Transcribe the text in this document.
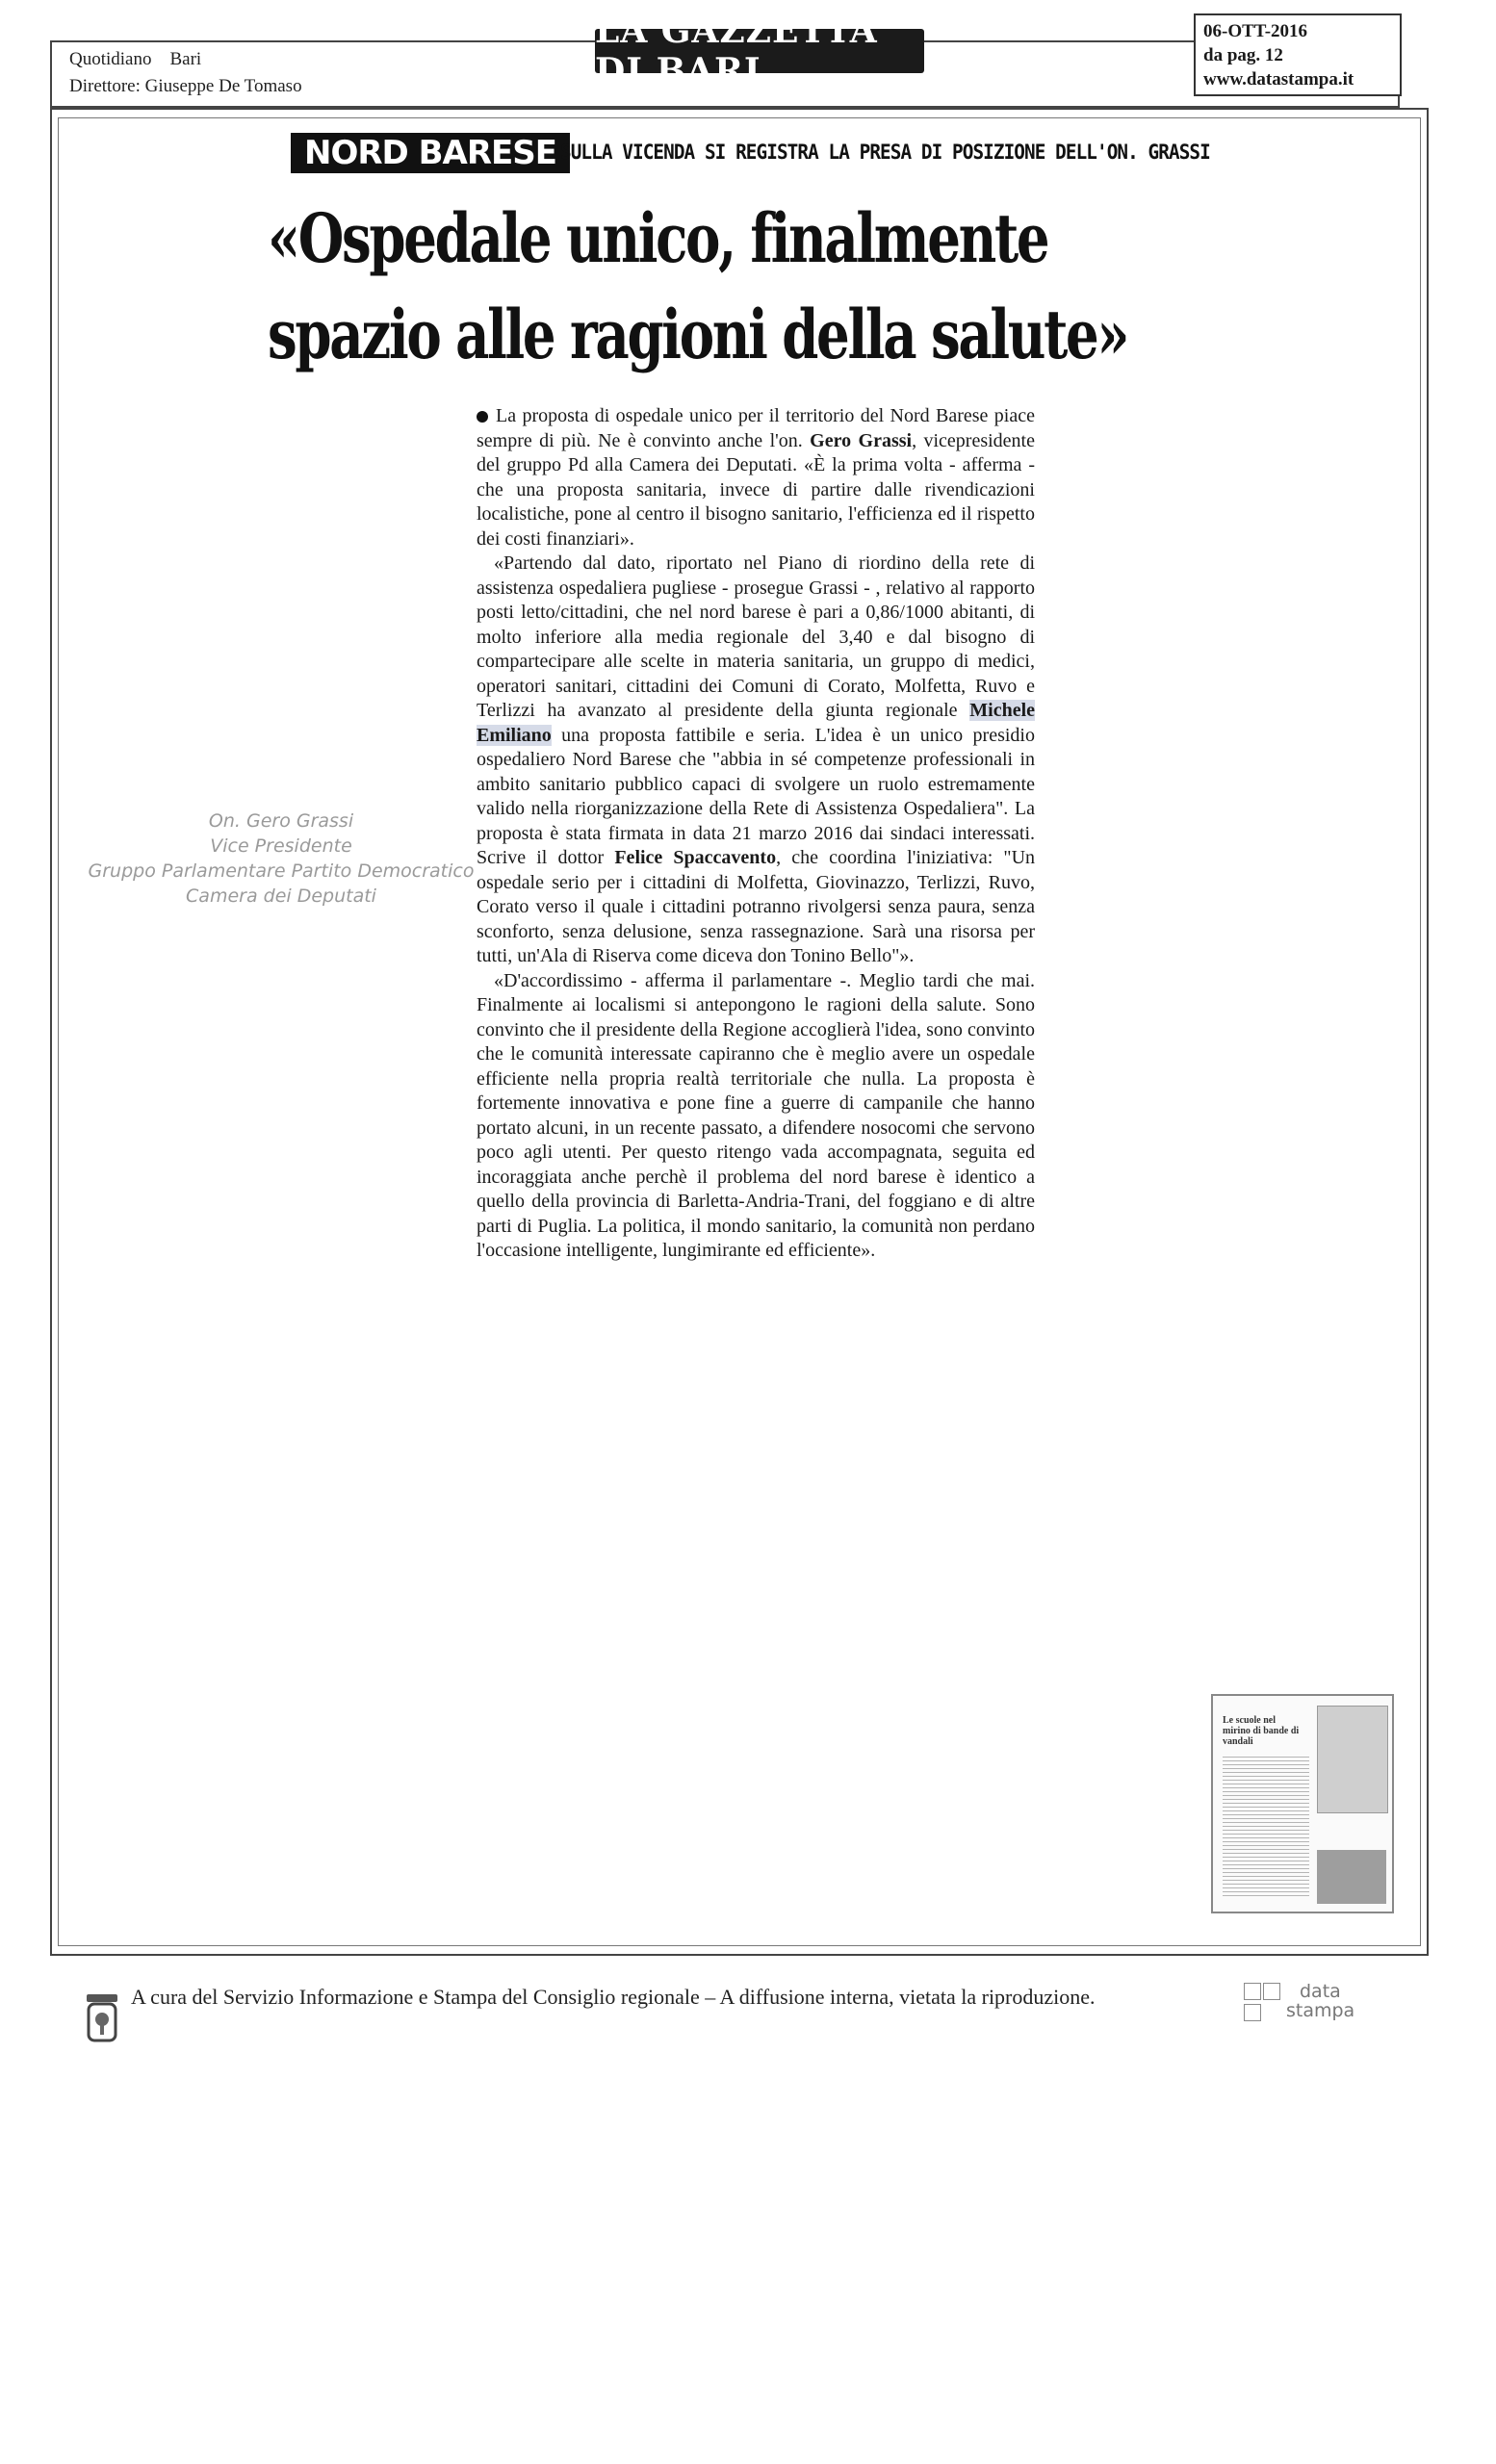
Quotidiano Bari
Direttore: Giuseppe De Tomaso
LA GAZZETTA DI BARI
06-OTT-2016
da pag. 12
www.datastampa.it
NORD BARESE SULLA VICENDA SI REGISTRA LA PRESA DI POSIZIONE DELL'ON. GRASSI
«Ospedale unico, finalmente
spazio alle ragioni della salute»
On. Gero Grassi
Vice Presidente
Gruppo Parlamentare Partito Democratico
Camera dei Deputati

La proposta di ospedale unico per il territorio del Nord Barese piace sempre di più. Ne è convinto anche l'on. Gero Grassi, vicepresidente del gruppo Pd alla Camera dei Deputati. «È la prima volta - afferma - che una proposta sanitaria, invece di partire dalle rivendicazioni localistiche, pone al centro il bisogno sanitario, l'efficienza ed il rispetto dei costi finanziari».

«Partendo dal dato, riportato nel Piano di riordino della rete di assistenza ospedaliera pugliese - prosegue Grassi - , relativo al rapporto posti letto/cittadini, che nel nord barese è pari a 0,86/1000 abitanti, di molto inferiore alla media regionale del 3,40 e dal bisogno di compartecipare alle scelte in materia sanitaria, un gruppo di medici, operatori sanitari, cittadini dei Comuni di Corato, Molfetta, Ruvo e Terlizzi ha avanzato al presidente della giunta regionale Michele Emiliano una proposta fattibile e seria. L'idea è un unico presidio ospedaliero Nord Barese che "abbia in sé competenze professionali in ambito sanitario pubblico capaci di svolgere un ruolo estremamente valido nella riorganizzazione della Rete di Assistenza Ospedaliera". La proposta è stata firmata in data 21 marzo 2016 dai sindaci interessati. Scrive il dottor Felice Spaccavento, che coordina l'iniziativa: "Un ospedale serio per i cittadini di Molfetta, Giovinazzo, Terlizzi, Ruvo, Corato verso il quale i cittadini potranno rivolgersi senza paura, senza sconforto, senza delusione, senza rassegnazione. Sarà una risorsa per tutti, un'Ala di Riserva come diceva don Tonino Bello"».

«D'accordissimo - afferma il parlamentare -. Meglio tardi che mai. Finalmente ai localismi si antepongono le ragioni della salute. Sono convinto che il presidente della Regione accoglierà l'idea, sono convinto che le comunità interessate capiranno che è meglio avere un ospedale efficiente nella propria realtà territoriale che nulla. La proposta è fortemente innovativa e pone fine a guerre di campanile che hanno portato alcuni, in un recente passato, a difendere nosocomi che servono poco agli utenti. Per questo ritengo vada accompagnata, seguita ed incoraggiata anche perchè il problema del nord barese è identico a quello della provincia di Barletta-Andria-Trani, del foggiano e di altre parti di Puglia. La politica, il mondo sanitario, la comunità non perdano l'occasione intelligente, lungimirante ed efficiente».

Le scuole nel mirino di bande di vandali
A cura del Servizio Informazione e Stampa del Consiglio regionale – A diffusione interna, vietata la riproduzione.	data
stampa
